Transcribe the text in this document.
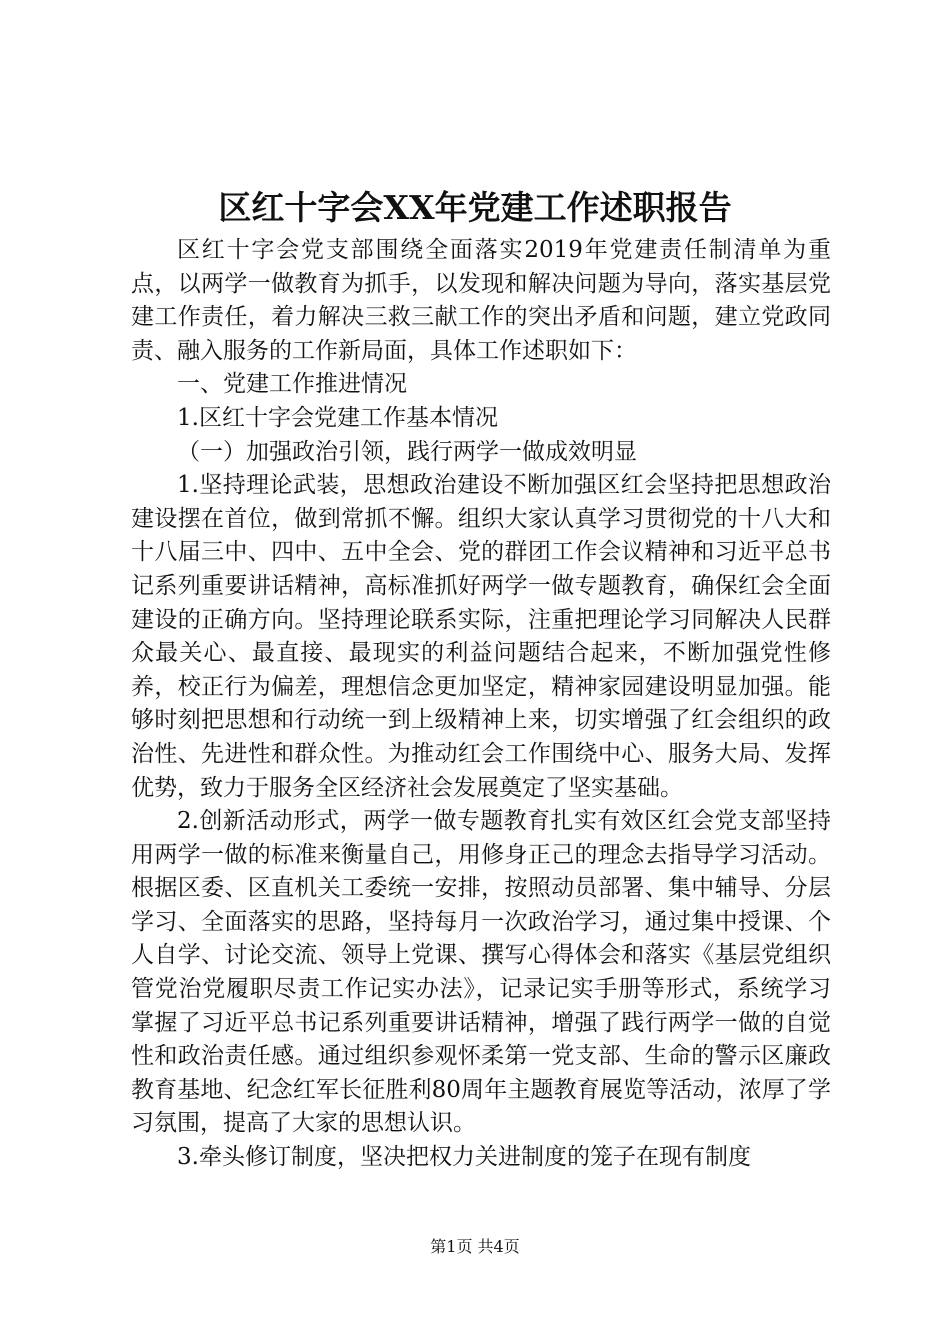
区红十字会XX年党建工作述职报告

区红十字会党支部围绕全面落实2019年党建责任制清单为重点，以两学一做教育为抓手，以发现和解决问题为导向，落实基层党建工作责任，着力解决三救三献工作的突出矛盾和问题，建立党政同责、融入服务的工作新局面，具体工作述职如下：

一、党建工作推进情况

1.区红十字会党建工作基本情况

（一）加强政治引领，践行两学一做成效明显

1.坚持理论武装，思想政治建设不断加强区红会坚持把思想政治建设摆在首位，做到常抓不懈。组织大家认真学习贯彻党的十八大和十八届三中、四中、五中全会、党的群团工作会议精神和习近平总书记系列重要讲话精神，高标准抓好两学一做专题教育，确保红会全面建设的正确方向。坚持理论联系实际，注重把理论学习同解决人民群众最关心、最直接、最现实的利益问题结合起来，不断加强党性修养，校正行为偏差，理想信念更加坚定，精神家园建设明显加强。能够时刻把思想和行动统一到上级精神上来，切实增强了红会组织的政治性、先进性和群众性。为推动红会工作围绕中心、服务大局、发挥优势，致力于服务全区经济社会发展奠定了坚实基础。

2.创新活动形式，两学一做专题教育扎实有效区红会党支部坚持用两学一做的标准来衡量自己，用修身正己的理念去指导学习活动。根据区委、区直机关工委统一安排，按照动员部署、集中辅导、分层学习、全面落实的思路，坚持每月一次政治学习，通过集中授课、个人自学、讨论交流、领导上党课、撰写心得体会和落实《基层党组织管党治党履职尽责工作记实办法》，记录记实手册等形式，系统学习掌握了习近平总书记系列重要讲话精神，增强了践行两学一做的自觉性和政治责任感。通过组织参观怀柔第一党支部、生命的警示区廉政教育基地、纪念红军长征胜利80周年主题教育展览等活动，浓厚了学习氛围，提高了大家的思想认识。

3.牵头修订制度，坚决把权力关进制度的笼子在现有制度

第1页 共4页
